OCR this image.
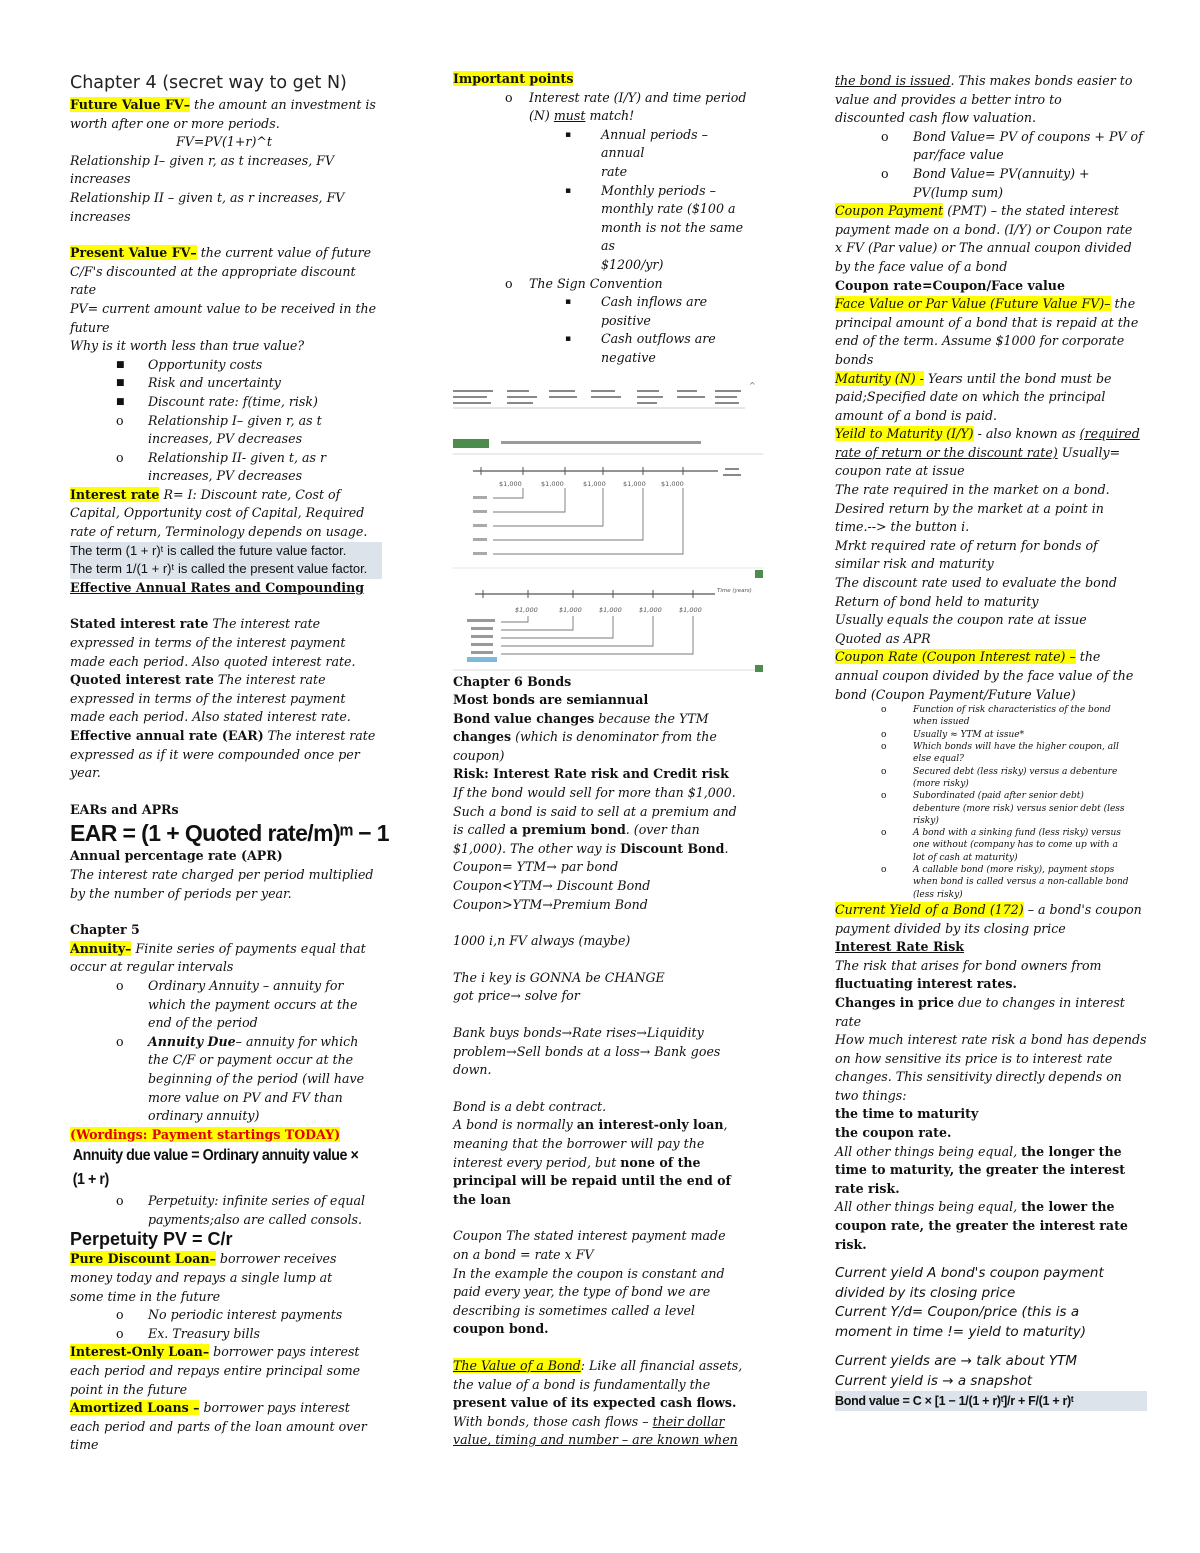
Chapter 4 (secret way to get N)

Future Value FV– the amount an investment is

worth after one or more periods.

FV=PV(1+r)^t

Relationship I– given r, as t increases, FV

increases

Relationship II – given t, as r increases, FV

increases

Present Value FV– the current value of future

C/F's discounted at the appropriate discount

rate

PV= current amount value to be received in the

future

Why is it worth less than true value?

■ Opportunity costs

■ Risk and uncertainty

■ Discount rate: f(time, risk)

o Relationship I– given r, as t

increases, PV decreases

o Relationship II- given t, as r

increases, PV decreases

Interest rate R= I: Discount rate, Cost of

Capital, Opportunity cost of Capital, Required

rate of return, Terminology depends on usage.

The term (1 + r)ᵗ is called the future value factor.

The term 1/(1 + r)ᵗ is called the present value factor.

Effective Annual Rates and Compounding

Stated interest rate The interest rate

expressed in terms of the interest payment

made each period. Also quoted interest rate.

Quoted interest rate The interest rate

expressed in terms of the interest payment

made each period. Also stated interest rate.

Effective annual rate (EAR) The interest rate

expressed as if it were compounded once per

year.

EARs and APRs

EAR = (1 + Quoted rate/m)ᵐ − 1

Annual percentage rate (APR)

The interest rate charged per period multiplied

by the number of periods per year.

Chapter 5

Annuity– Finite series of payments equal that

occur at regular intervals

o Ordinary Annuity – annuity for

which the payment occurs at the

end of the period

o Annuity Due– annuity for which

the C/F or payment occur at the

beginning of the period (will have

more value on PV and FV than

ordinary annuity)

(Wordings: Payment startings TODAY)

Annuity due value = Ordinary annuity value × (1 + r)

o Perpetuity: infinite series of equal

payments;also are called consols.

Perpetuity PV = C/r

Pure Discount Loan– borrower receives

money today and repays a single lump at

some time in the future

o No periodic interest payments

o Ex. Treasury bills

Interest-Only Loan– borrower pays interest

each period and repays entire principal some

point in the future

Amortized Loans – borrower pays interest

each period and parts of the loan amount over

time

Important points

o Interest rate (I/Y) and time period

(N) must match!

▪ Annual periods – annual

rate

▪ Monthly periods –

monthly rate ($100 a

month is not the same as

$1200/yr)

o The Sign Convention

▪ Cash inflows are positive

▪ Cash outflows are

negative

^
$1,000	$1,000	$1,000	$1,000 $1,000
Time (years)
$1,000	$1,000	$1,000	$1,000	$1,000

Chapter 6 Bonds

Most bonds are semiannual

Bond value changes because the YTM

changes (which is denominator from the

coupon)

Risk: Interest Rate risk and Credit risk

If the bond would sell for more than $1,000.

Such a bond is said to sell at a premium and

is called a premium bond. (over than

$1,000). The other way is Discount Bond.

Coupon= YTM→ par bond

Coupon<YTM→ Discount Bond

Coupon>YTM→Premium Bond

1000 i,n FV always (maybe)

The i key is GONNA be CHANGE

got price→ solve for

Bank buys bonds→Rate rises→Liquidity

problem→Sell bonds at a loss→ Bank goes

down.

Bond is a debt contract.

A bond is normally an interest-only loan,

meaning that the borrower will pay the

interest every period, but none of the

principal will be repaid until the end of

the loan

Coupon The stated interest payment made

on a bond = rate x FV

In the example the coupon is constant and

paid every year, the type of bond we are

describing is sometimes called a level

coupon bond.

The Value of a Bond: Like all financial assets,

the value of a bond is fundamentally the

present value of its expected cash flows.

With bonds, those cash flows – their dollar

value, timing and number – are known when

the bond is issued. This makes bonds easier to

value and provides a better intro to

discounted cash flow valuation.

o Bond Value= PV of coupons + PV of

par/face value

o Bond Value= PV(annuity) +

PV(lump sum)

Coupon Payment (PMT) – the stated interest

payment made on a bond. (I/Y) or Coupon rate

x FV (Par value) or The annual coupon divided

by the face value of a bond

Coupon rate=Coupon/Face value

Face Value or Par Value (Future Value FV)– the

principal amount of a bond that is repaid at the

end of the term. Assume $1000 for corporate

bonds

Maturity (N) - Years until the bond must be

paid;Specified date on which the principal

amount of a bond is paid.

Yeild to Maturity (I/Y) - also known as (required

rate of return or the discount rate) Usually=

coupon rate at issue

The rate required in the market on a bond.

Desired return by the market at a point in

time.--> the button i.

Mrkt required rate of return for bonds of

similar risk and maturity

The discount rate used to evaluate the bond

Return of bond held to maturity

Usually equals the coupon rate at issue

Quoted as APR

Coupon Rate (Coupon Interest rate) – the

annual coupon divided by the face value of the

bond (Coupon Payment/Future Value)

o	Function of risk characteristics of the bond

when issued

o	Usually ≈ YTM at issue*

o	Which bonds will have the higher coupon, all

else equal?

o	Secured debt (less risky) versus a debenture

(more risky)

o	Subordinated (paid after senior debt)

debenture (more risk) versus senior debt (less

risky)

o	A bond with a sinking fund (less risky) versus

one without (company has to come up with a

lot of cash at maturity)

o	A callable bond (more risky), payment stops

when bond is called versus a non-callable bond

(less risky)

Current Yield of a Bond (172) – a bond's coupon

payment divided by its closing price

Interest Rate Risk

The risk that arises for bond owners from

fluctuating interest rates.

Changes in price due to changes in interest

rate

How much interest rate risk a bond has depends

on how sensitive its price is to interest rate

changes. This sensitivity directly depends on

two things:

the time to maturity

the coupon rate.

All other things being equal, the longer the

time to maturity, the greater the interest

rate risk.

All other things being equal, the lower the

coupon rate, the greater the interest rate

risk.

Current yield A bond's coupon payment

divided by its closing price

Current Y/d= Coupon/price (this is a

moment in time != yield to maturity)

Current yields are → talk about YTM

Current yield is → a snapshot

Bond value = C × [1 − 1/(1 + r)ᵗ]/r + F/(1 + r)ᵗ
